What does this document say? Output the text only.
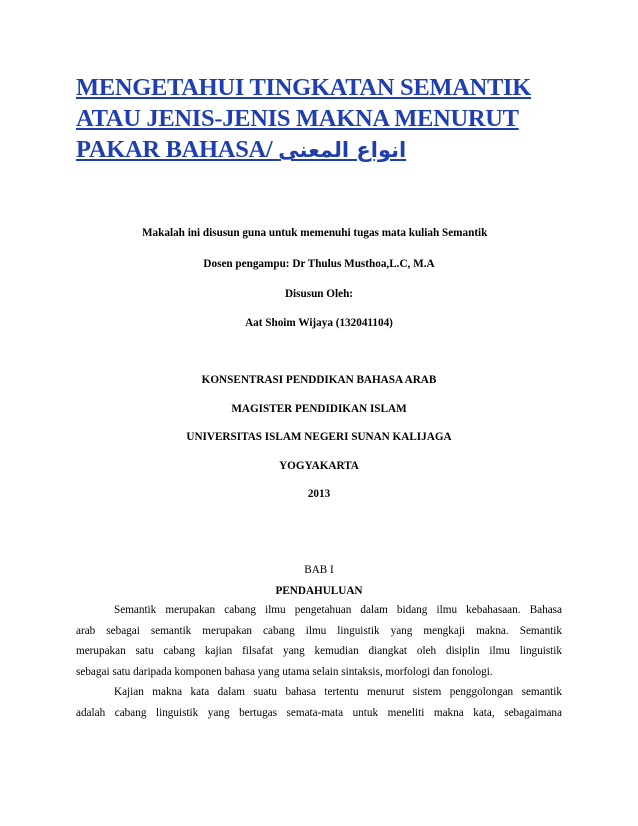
MENGETAHUI TINGKATAN SEMANTIK
ATAU JENIS-JENIS MAKNA MENURUT
PAKAR BAHASA/ انواع المعنى
Makalah ini disusun guna untuk memenuhi tugas mata kuliah Semantik
Dosen pengampu: Dr Thulus Musthoa,L.C, M.A
Disusun Oleh:
Aat Shoim Wijaya (132041104)
KONSENTRASI PENDDIKAN BAHASA ARAB
MAGISTER PENDIDIKAN ISLAM
UNIVERSITAS ISLAM NEGERI SUNAN KALIJAGA
YOGYAKARTA
2013
BAB I
PENDAHULUAN
Semantik merupakan cabang ilmu pengetahuan dalam bidang ilmu kebahasaan. Bahasa
arab sebagai semantik merupakan cabang ilmu linguistik yang mengkaji makna. Semantik
merupakan satu cabang kajian filsafat yang kemudian diangkat oleh disiplin ilmu linguistik
sebagai satu daripada komponen bahasa yang utama selain sintaksis, morfologi dan fonologi.
Kajian makna kata dalam suatu bahasa tertentu menurut sistem penggolongan semantik
adalah cabang linguistik yang bertugas semata-mata untuk meneliti makna kata, sebagaimana
